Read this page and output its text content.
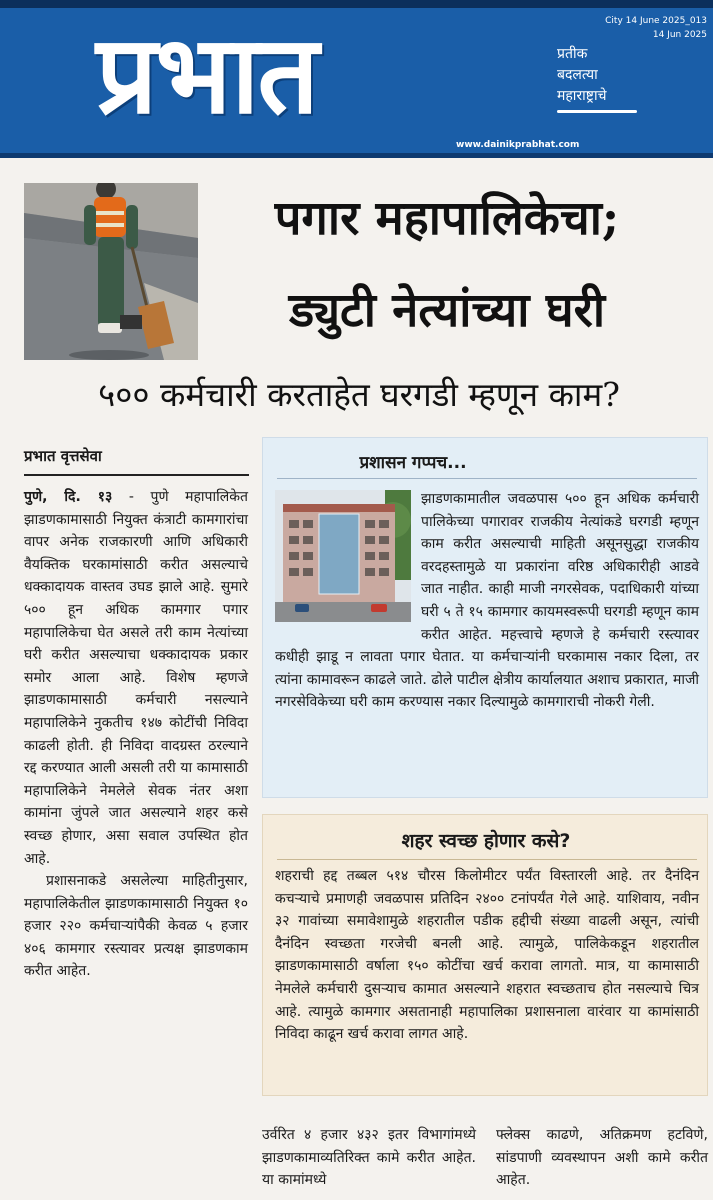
प्रभात	प्रतीक
बदलत्या
महाराष्ट्राचे
City 14 June 2025_013
14 Jun 2025
www.dainikprabhat.com
पगार महापालिकेचा;
ड्युटी नेत्यांच्या घरी
५०० कर्मचारी करताहेत घरगडी म्हणून काम?
प्रभात वृत्तसेवा

पुणे, दि. १३ - पुणे महापालिकेत झाडणकामासाठी नियुक्त कंत्राटी कामगारांचा वापर अनेक राजकारणी आणि अधिकारी वैयक्तिक घरकामांसाठी करीत असल्याचे धक्कादायक वास्तव उघड झाले आहे. सुमारे ५०० हून अधिक कामगार पगार महापालिकेचा घेत असले तरी काम नेत्यांच्या घरी करीत असल्याचा धक्कादायक प्रकार समोर आला आहे. विशेष म्हणजे झाडणकामासाठी कर्मचारी नसल्याने महापालिकेने नुकतीच १४७ कोटींची निविदा काढली होती. ही निविदा वादग्रस्त ठरल्याने रद्द करण्यात आली असली तरी या कामासाठी महापालिकेने नेमलेले सेवक नंतर अशा कामांना जुंपले जात असल्याने शहर कसे स्वच्छ होणार, असा सवाल उपस्थित होत आहे.

प्रशासनाकडे असलेल्या माहितीनुसार, महापालिकेतील झाडणकामासाठी नियुक्त १० हजार २२० कर्मचाऱ्यांपैकी केवळ ५ हजार ४०६ कामगार रस्त्यावर प्रत्यक्ष झाडणकाम करीत आहेत.

प्रशासन गप्पच...
झाडणकामातील जवळपास ५०० हून अधिक कर्मचारी पालिकेच्या पगारावर राजकीय नेत्यांकडे घरगडी म्हणून काम करीत असल्याची माहिती असूनसुद्धा राजकीय वरदहस्तामुळे या प्रकारांना वरिष्ठ अधिकारीही आडवे जात नाहीत. काही माजी नगरसेवक, पदाधिकारी यांच्या घरी ५ ते १५ कामगार कायमस्वरूपी घरगडी म्हणून काम करीत आहेत. महत्त्वाचे म्हणजे हे कर्मचारी रस्त्यावर कधीही झाडू न लावता पगार घेतात. या कर्मचाऱ्यांनी घरकामास नकार दिला, तर त्यांना कामावरून काढले जाते. ढोले पाटील क्षेत्रीय कार्यालयात अशाच प्रकारात, माजी नगरसेविकेच्या घरी काम करण्यास नकार दिल्यामुळे कामगाराची नोकरी गेली.
शहर स्वच्छ होणार कसे?
शहराची हद्द तब्बल ५१४ चौरस किलोमीटर पर्यंत विस्तारली आहे. तर दैनंदिन कचऱ्याचे प्रमाणही जवळपास प्रतिदिन २४०० टनांपर्यंत गेले आहे. याशिवाय, नवीन ३२ गावांच्या समावेशामुळे शहरातील पडीक हद्दीची संख्या वाढली असून, त्यांची दैनंदिन स्वच्छता गरजेची बनली आहे. त्यामुळे, पालिकेकडून शहरातील झाडणकामासाठी वर्षाला १५० कोटींचा खर्च करावा लागतो. मात्र, या कामासाठी नेमलेले कर्मचारी दुसऱ्याच कामात असल्याने शहरात स्वच्छताच होत नसल्याचे चित्र आहे. त्यामुळे कामगार असतानाही महापालिका प्रशासनाला वारंवार या कामांसाठी निविदा काढून खर्च करावा लागत आहे.
उर्वरित ४ हजार ४३२ इतर विभागांमध्ये झाडणकामाव्यतिरिक्त कामे करीत आहेत. या कामांमध्ये
फ्लेक्स काढणे, अतिक्रमण हटविणे, सांडपाणी व्यवस्थापन अशी कामे करीत आहेत.
